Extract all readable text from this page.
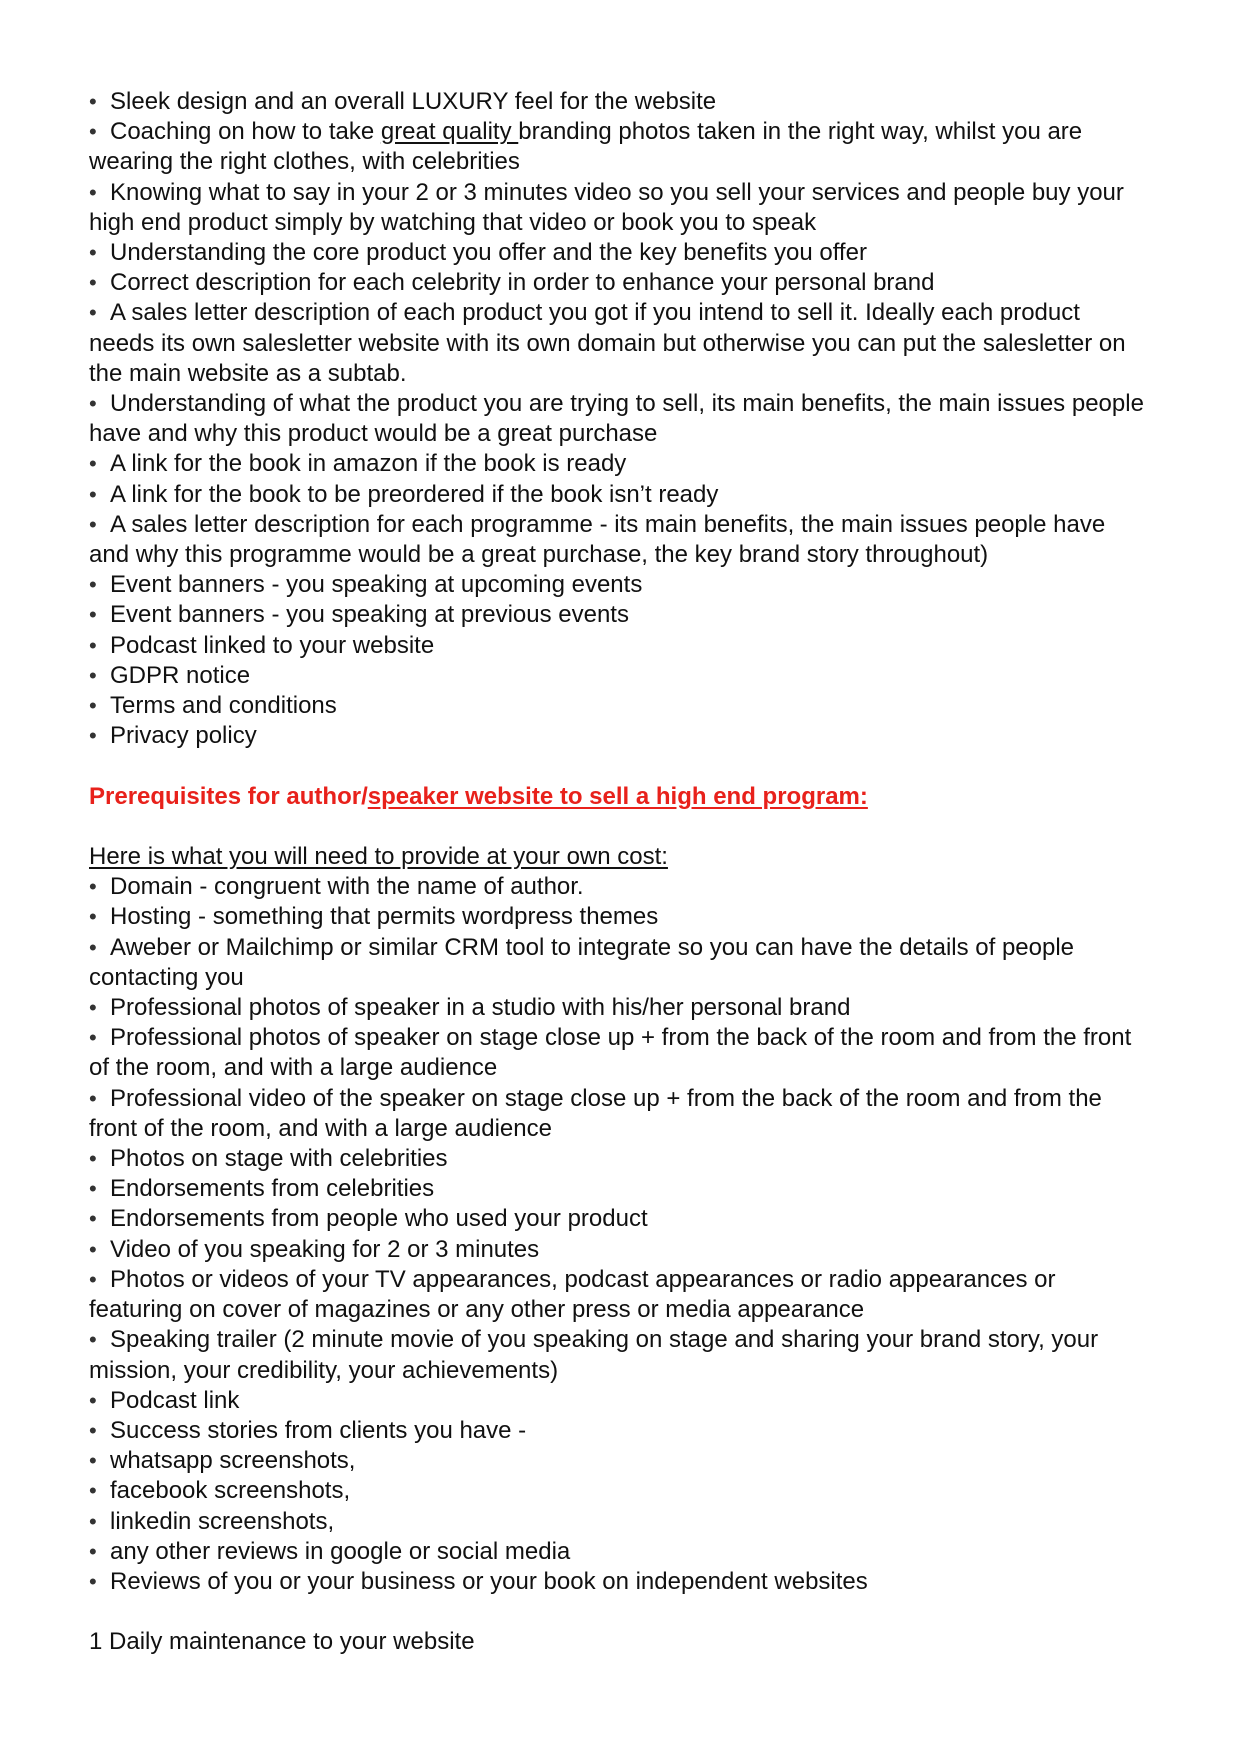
• Sleek design and an overall LUXURY feel for the website

• Coaching on how to take great quality branding photos taken in the right way, whilst you are wearing the right clothes, with celebrities

• Knowing what to say in your 2 or 3 minutes video so you sell your services and people buy your high end product simply by watching that video or book you to speak

• Understanding the core product you offer and the key benefits you offer

• Correct description for each celebrity in order to enhance your personal brand

• A sales letter description of each product you got if you intend to sell it. Ideally each product needs its own salesletter website with its own domain but otherwise you can put the salesletter on the main website as a subtab.

• Understanding of what the product you are trying to sell, its main benefits, the main issues people have and why this product would be a great purchase

• A link for the book in amazon if the book is ready

• A link for the book to be preordered if the book isn’t ready

• A sales letter description for each programme - its main benefits, the main issues people have and why this programme would be a great purchase, the key brand story throughout)

• Event banners - you speaking at upcoming events

• Event banners - you speaking at previous events

• Podcast linked to your website

• GDPR notice

• Terms and conditions

• Privacy policy

Prerequisites for author/speaker website to sell a high end program:

Here is what you will need to provide at your own cost:

• Domain - congruent with the name of author.

• Hosting - something that permits wordpress themes

• Aweber or Mailchimp or similar CRM tool to integrate so you can have the details of people contacting you

• Professional photos of speaker in a studio with his/her personal brand

• Professional photos of speaker on stage close up + from the back of the room and from the front of the room, and with a large audience

• Professional video of the speaker on stage close up + from the back of the room and from the front of the room, and with a large audience

• Photos on stage with celebrities

• Endorsements from celebrities

• Endorsements from people who used your product

• Video of you speaking for 2 or 3 minutes

• Photos or videos of your TV appearances, podcast appearances or radio appearances or featuring on cover of magazines or any other press or media appearance

• Speaking trailer (2 minute movie of you speaking on stage and sharing your brand story, your mission, your credibility, your achievements)

• Podcast link

• Success stories from clients you have -

• whatsapp screenshots,

• facebook screenshots,

• linkedin screenshots,

• any other reviews in google or social media

• Reviews of you or your business or your book on independent websites

1 Daily maintenance to your website
